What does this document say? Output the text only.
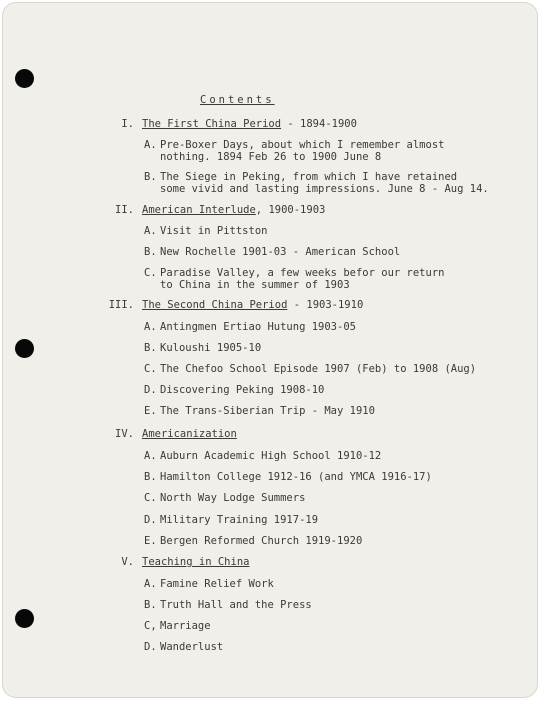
Contents
I. The First China Period - 1894-1900
A. Pre-Boxer Days, about which I remember almost
nothing. 1894 Feb 26 to 1900 June 8
B. The Siege in Peking, from which I have retained
some vivid and lasting impressions. June 8 - Aug 14.
II. American Interlude, 1900-1903
A. Visit in Pittston
B. New Rochelle 1901-03 - American School
C. Paradise Valley, a few weeks befor our return
to China in the summer of 1903
III. The Second China Period - 1903-1910
A. Antingmen Ertiao Hutung 1903-05
B. Kuloushi 1905-10
C. The Chefoo School Episode 1907 (Feb) to 1908 (Aug)
D. Discovering Peking 1908-10
E. The Trans-Siberian Trip - May 1910
IV. Americanization
A. Auburn Academic High School 1910-12
B. Hamilton College 1912-16 (and YMCA 1916-17)
C. North Way Lodge Summers
D. Military Training 1917-19
E. Bergen Reformed Church 1919-1920
V. Teaching in China
A. Famine Relief Work
B. Truth Hall and the Press
C, Marriage
D. Wanderlust
